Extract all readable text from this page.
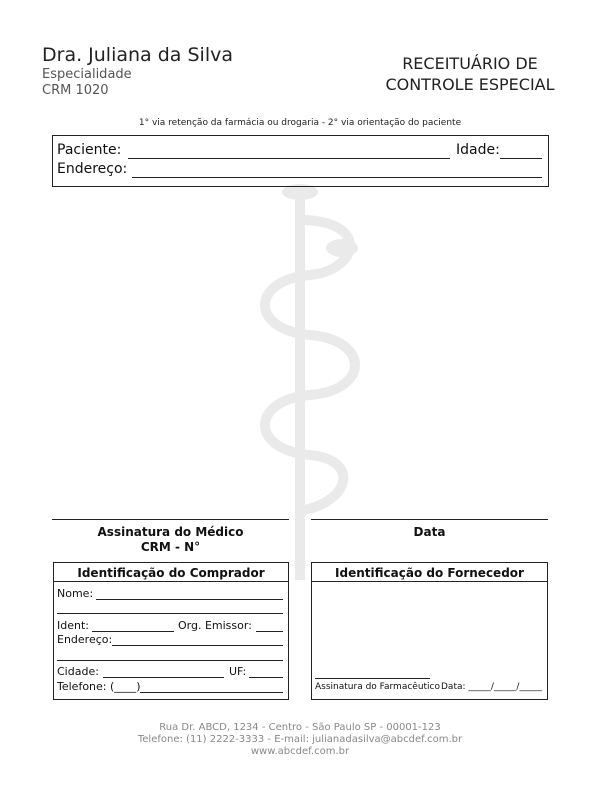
Dra. Juliana da Silva
Especialidade
CRM 1020
RECEITUÁRIO DE
CONTROLE ESPECIAL
1° via retenção da farmácia ou drogaria - 2° via orientação do paciente
Paciente:	Idade:
Endereço:
Assinatura do Médico
CRM - N°
Data
Identificação do Comprador
Nome:
Ident:	Org. Emissor:
Endereço:
Cidade:	UF:
Telefone: (____)
Identificação do Fornecedor
Assinatura do Farmacêutico Data: _____/_____/_____
Rua Dr. ABCD, 1234 - Centro - São Paulo SP - 00001-123
Telefone: (11) 2222-3333 - E-mail: julianadasilva@abcdef.com.br
www.abcdef.com.br
